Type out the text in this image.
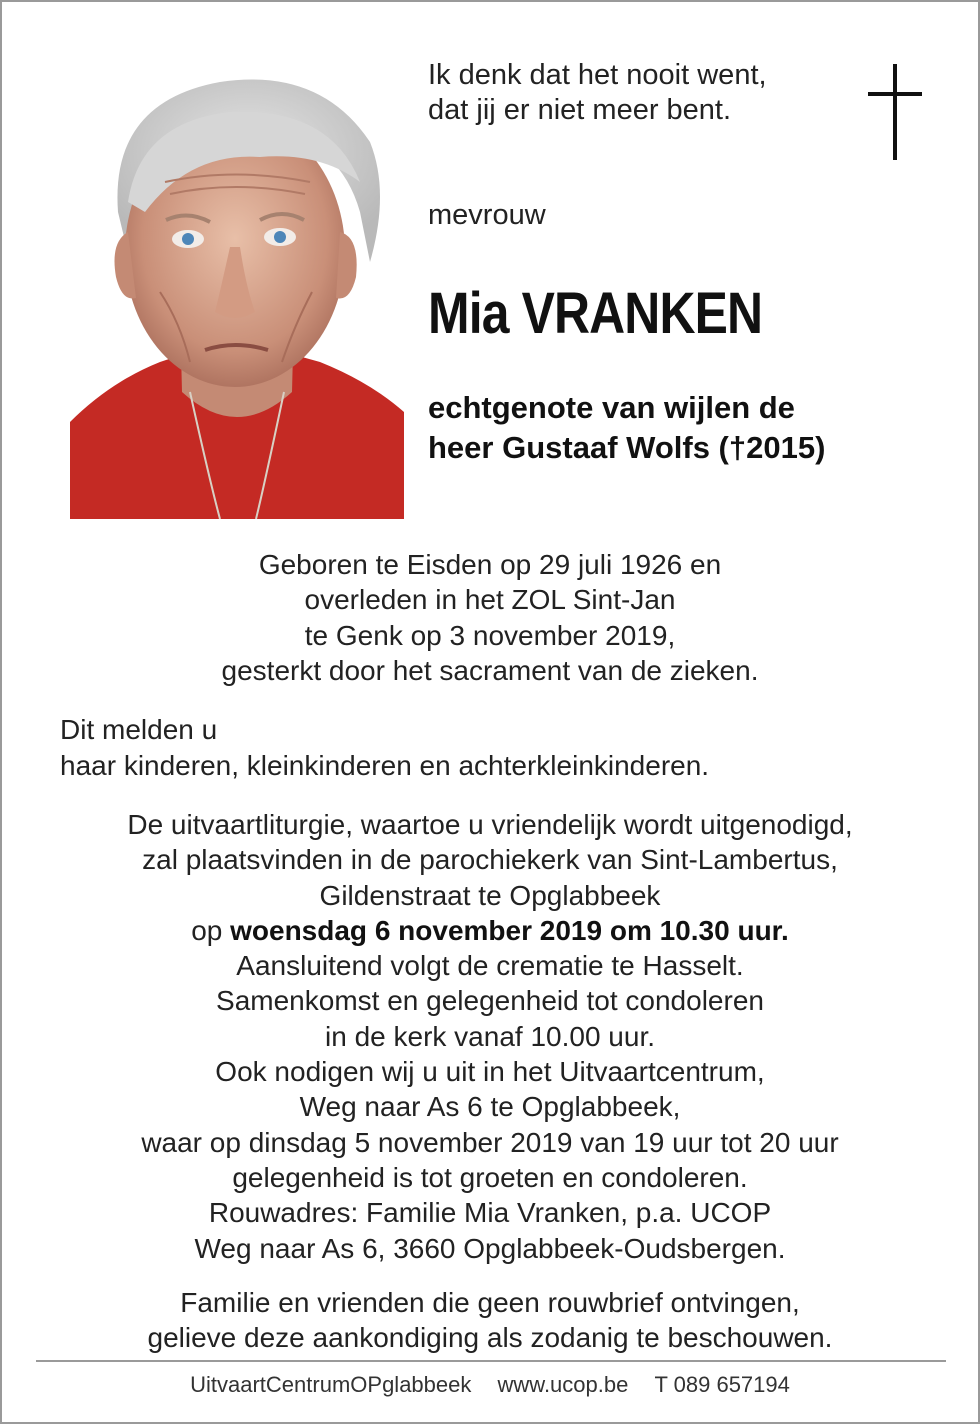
Ik denk dat het nooit went,
dat jij er niet meer bent.
mevrouw
Mia VRANKEN
echtgenote van wijlen de
heer Gustaaf Wolfs (†2015)
Geboren te Eisden op 29 juli 1926 en
overleden in het ZOL Sint-Jan
te Genk op 3 november 2019,
gesterkt door het sacrament van de zieken.
Dit melden u
haar kinderen, kleinkinderen en achterkleinkinderen.
De uitvaartliturgie, waartoe u vriendelijk wordt uitgenodigd,
zal plaatsvinden in de parochiekerk van Sint-Lambertus,
Gildenstraat te Opglabbeek
op woensdag 6 november 2019 om 10.30 uur.
Aansluitend volgt de crematie te Hasselt.
Samenkomst en gelegenheid tot condoleren
in de kerk vanaf 10.00 uur.
Ook nodigen wij u uit in het Uitvaartcentrum,
Weg naar As 6 te Opglabbeek,
waar op dinsdag 5 november 2019 van 19 uur tot 20 uur
gelegenheid is tot groeten en condoleren.
Rouwadres: Familie Mia Vranken, p.a. UCOP
Weg naar As 6, 3660 Opglabbeek-Oudsbergen.
Familie en vrienden die geen rouwbrief ontvingen,
gelieve deze aankondiging als zodanig te beschouwen.
UitvaartCentrumOPglabbeek www.ucop.be T 089 657194
